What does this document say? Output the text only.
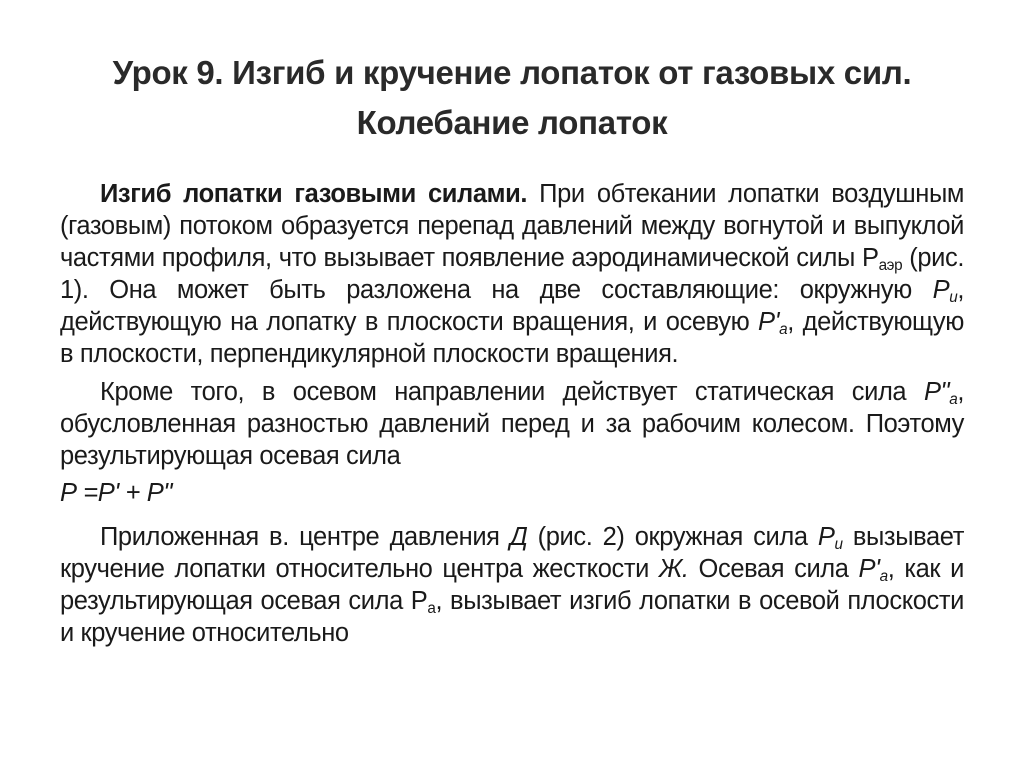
Урок 9. Изгиб и кручение лопаток от газовых сил.
Колебание лопаток

Изгиб лопатки газовыми силами. При обтекании лопатки воздушным (газовым) потоком образуется перепад давлений между вогнутой и выпуклой частями профиля, что вызывает появление аэродинамической силы $Р_{аэр}$ (рис. 1). Она может быть разложена на две составляющие: окружную $Р_u$, действующую на лопатку в плоскости вращения, и осевую $Р'_a$, действующую в плоскости, перпендикулярной плоскости вращения.

Кроме того, в осевом направлении действует статическая сила $Р"_a$, обусловленная разностью давлений перед и за рабочим колесом. Поэтому результирующая осевая сила

Р =Р' + Р"

Приложенная в. центре давления Д (рис. 2) окружная сила $Р_и$ вызывает кручение лопатки относительно центра жесткости Ж. Осевая сила $Р'_a$, как и результирующая осевая сила $Р_а$, вызывает изгиб лопатки в осевой плоскости и кручение относительно
